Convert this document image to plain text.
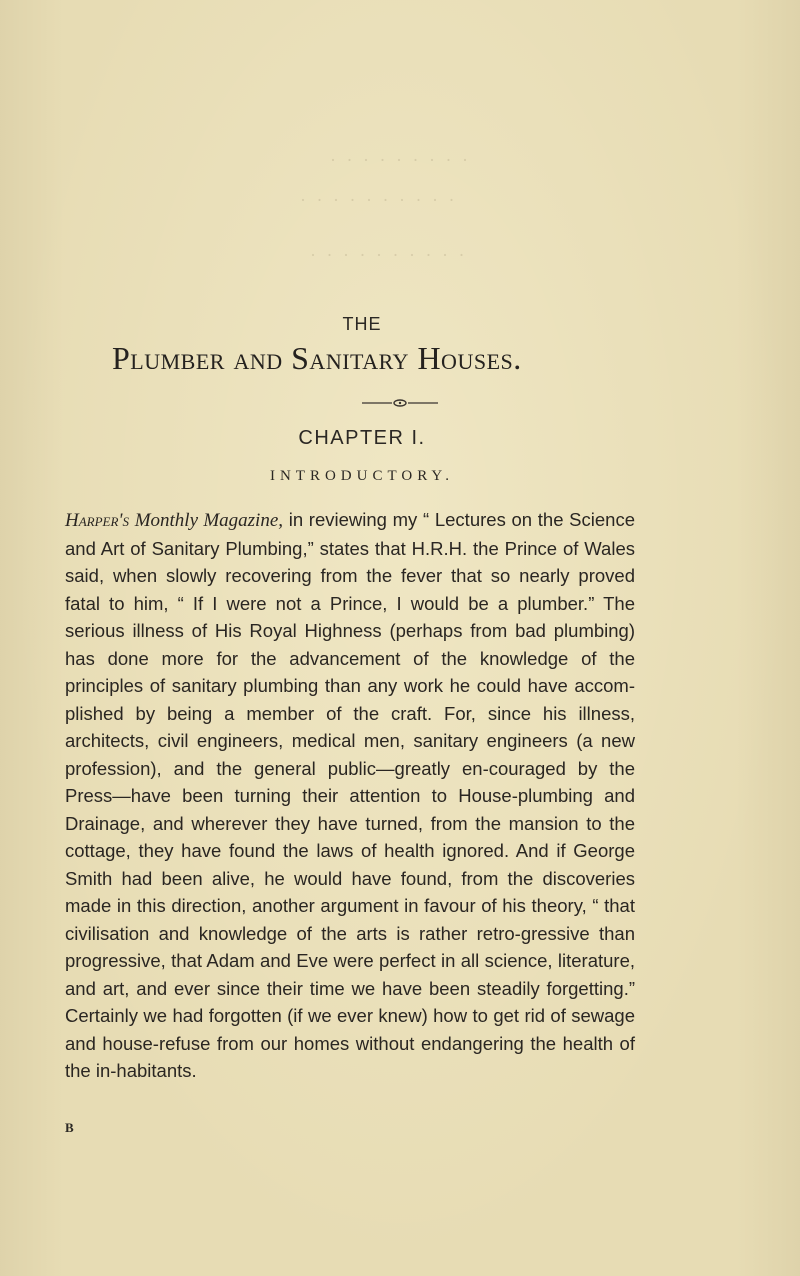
· · · · · · · · ·
· · · · · · · · · ·
· · · · · · · · · ·
THE
Plumber and Sanitary Houses.
CHAPTER I.
INTRODUCTORY.
Harper's Monthly Magazine, in reviewing my “ Lectures on the Science and Art of Sanitary Plumbing,” states that H.R.H. the Prince of Wales said, when slowly recovering from the fever that so nearly proved fatal to him, “ If I were not a Prince, I would be a plumber.” The serious illness of His Royal Highness (perhaps from bad plumbing) has done more for the advancement of the knowledge of the principles of sanitary plumbing than any work he could have accom-plished by being a member of the craft. For, since his illness, architects, civil engineers, medical men, sanitary engineers (a new profession), and the general public—greatly en-couraged by the Press—have been turning their attention to House-plumbing and Drainage, and wherever they have turned, from the mansion to the cottage, they have found the laws of health ignored. And if George Smith had been alive, he would have found, from the discoveries made in this direction, another argument in favour of his theory, “ that civilisation and knowledge of the arts is rather retro-gressive than progressive, that Adam and Eve were perfect in all science, literature, and art, and ever since their time we have been steadily forgetting.” Certainly we had forgotten (if we ever knew) how to get rid of sewage and house-refuse from our homes without endangering the health of the in-habitants.
B
